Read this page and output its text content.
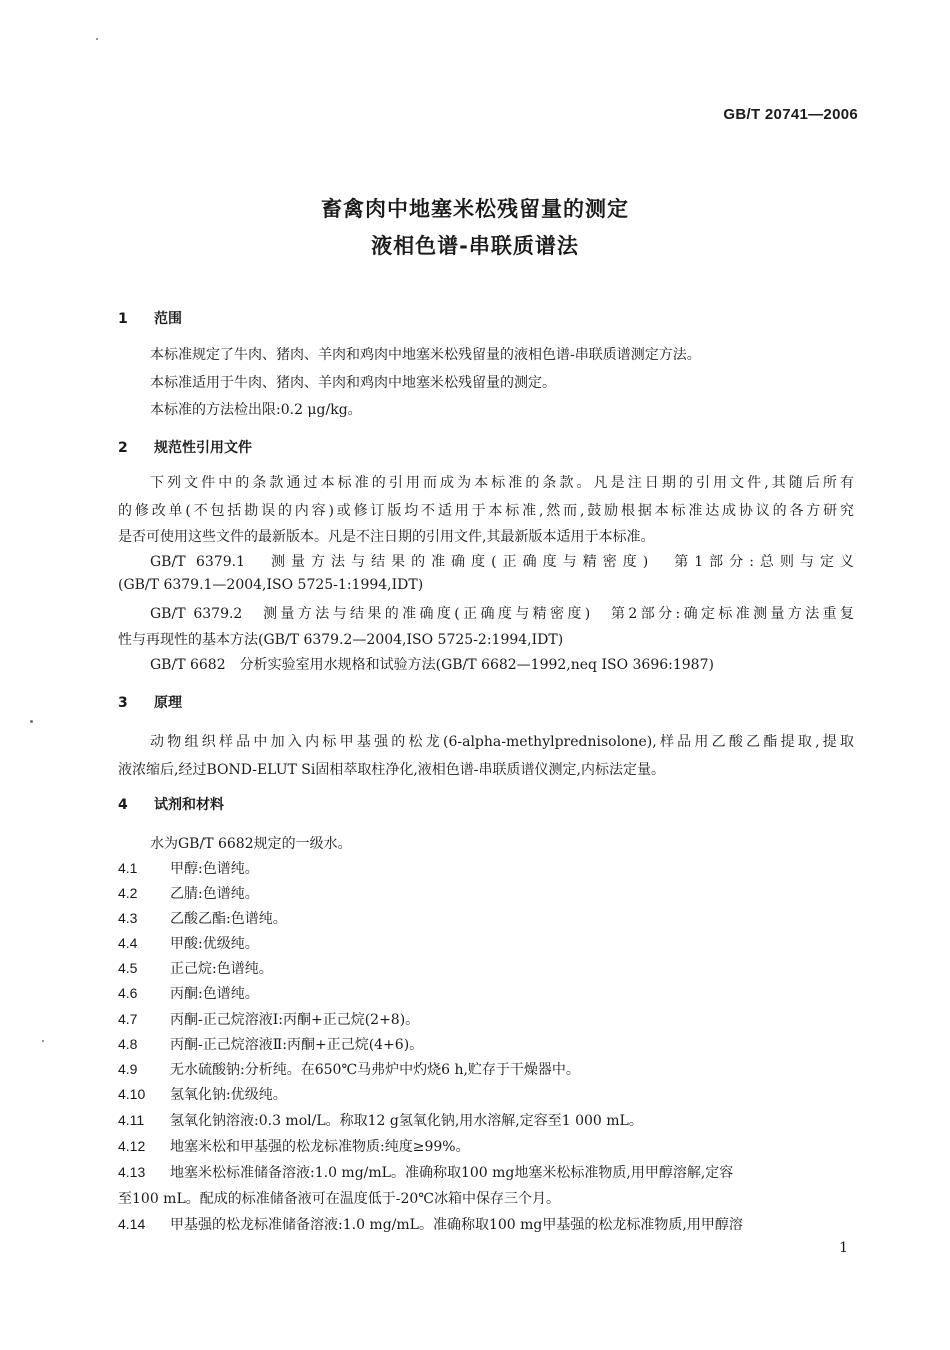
GB/T 20741—2006
畜禽肉中地塞米松残留量的测定
液相色谱-串联质谱法
1 范围
本标准规定了牛肉、猪肉、羊肉和鸡肉中地塞米松残留量的液相色谱-串联质谱测定方法。
本标准适用于牛肉、猪肉、羊肉和鸡肉中地塞米松残留量的测定。
本标准的方法检出限:0.2 μg/kg。
2 规范性引用文件
下列文件中的条款通过本标准的引用而成为本标准的条款。凡是注日期的引用文件,其随后所有
的修改单(不包括勘误的内容)或修订版均不适用于本标准,然而,鼓励根据本标准达成协议的各方研究
是否可使用这些文件的最新版本。凡是不注日期的引用文件,其最新版本适用于本标准。
GB/T 6379.1　测量方法与结果的准确度(正确度与精密度)　第1部分:总则与定义
(GB/T 6379.1—2004,ISO 5725-1:1994,IDT)
GB/T 6379.2　测量方法与结果的准确度(正确度与精密度)　第2部分:确定标准测量方法重复
性与再现性的基本方法(GB/T 6379.2—2004,ISO 5725-2:1994,IDT)
GB/T 6682　分析实验室用水规格和试验方法(GB/T 6682—1992,neq ISO 3696:1987)
3 原理
动物组织样品中加入内标甲基强的松龙(6-alpha-methylprednisolone),样品用乙酸乙酯提取,提取
液浓缩后,经过BOND-ELUT Si固相萃取柱净化,液相色谱-串联质谱仪测定,内标法定量。
4 试剂和材料
水为GB/T 6682规定的一级水。
4.1 甲醇:色谱纯。
4.2 乙腈:色谱纯。
4.3 乙酸乙酯:色谱纯。
4.4 甲酸:优级纯。
4.5 正己烷:色谱纯。
4.6 丙酮:色谱纯。
4.7 丙酮-正己烷溶液Ⅰ:丙酮+正己烷(2+8)。
4.8 丙酮-正己烷溶液Ⅱ:丙酮+正己烷(4+6)。
4.9 无水硫酸钠:分析纯。在650℃马弗炉中灼烧6 h,贮存于干燥器中。
4.10 氢氧化钠:优级纯。
4.11 氢氧化钠溶液:0.3 mol/L。称取12 g氢氧化钠,用水溶解,定容至1 000 mL。
4.12 地塞米松和甲基强的松龙标准物质:纯度≥99%。
4.13 地塞米松标准储备溶液:1.0 mg/mL。准确称取100 mg地塞米松标准物质,用甲醇溶解,定容
至100 mL。配成的标准储备液可在温度低于-20℃冰箱中保存三个月。
4.14 甲基强的松龙标准储备溶液:1.0 mg/mL。准确称取100 mg甲基强的松龙标准物质,用甲醇溶
1
